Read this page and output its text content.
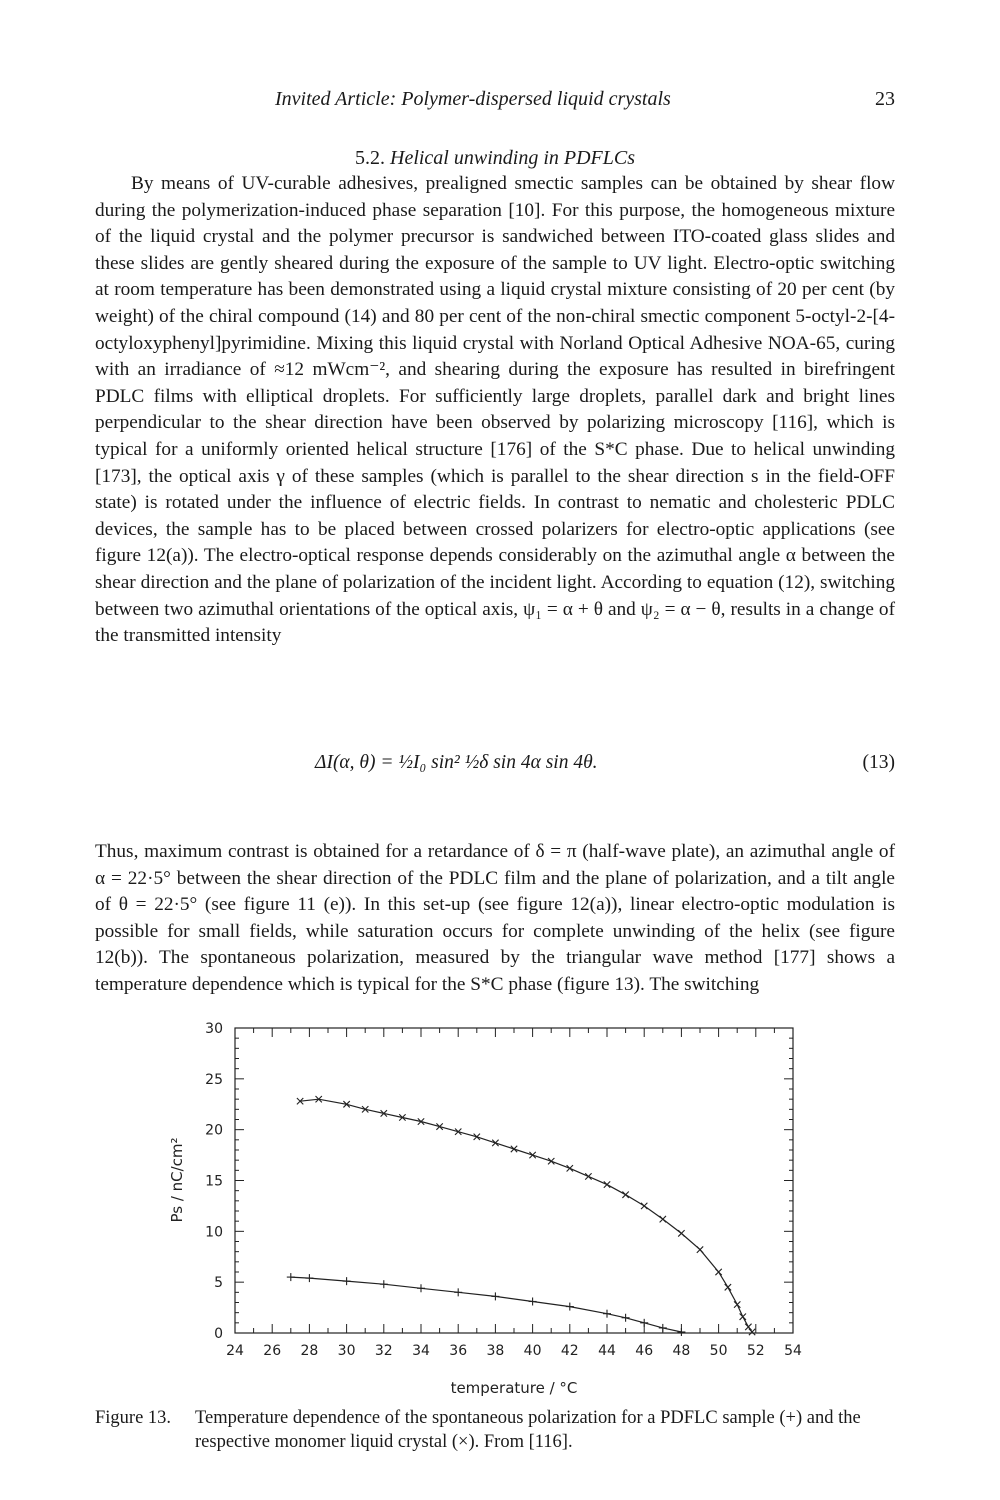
Invited Article: Polymer-dispersed liquid crystals	23
5.2. Helical unwinding in PDFLCs

By means of UV-curable adhesives, prealigned smectic samples can be obtained by shear flow during the polymerization-induced phase separation [10]. For this purpose, the homogeneous mixture of the liquid crystal and the polymer precursor is sandwiched between ITO-coated glass slides and these slides are gently sheared during the exposure of the sample to UV light. Electro-optic switching at room temperature has been demonstrated using a liquid crystal mixture consisting of 20 per cent (by weight) of the chiral compound (14) and 80 per cent of the non-chiral smectic component 5-octyl-2-[4-octyloxyphenyl]pyrimidine. Mixing this liquid crystal with Norland Optical Adhesive NOA-65, curing with an irradiance of ≈12 mWcm⁻², and shearing during the exposure has resulted in birefringent PDLC films with elliptical droplets. For sufficiently large droplets, parallel dark and bright lines perpendicular to the shear direction have been observed by polarizing microscopy [116], which is typical for a uniformly oriented helical structure [176] of the S*C phase. Due to helical unwinding [173], the optical axis γ of these samples (which is parallel to the shear direction s in the field-OFF state) is rotated under the influence of electric fields. In contrast to nematic and cholesteric PDLC devices, the sample has to be placed between crossed polarizers for electro-optic applications (see figure 12(a)). The electro-optical response depends considerably on the azimuthal angle α between the shear direction and the plane of polarization of the incident light. According to equation (12), switching between two azimuthal orientations of the optical axis, ψ₁ = α + θ and ψ₂ = α − θ, results in a change of the transmitted intensity

ΔI(α, θ) = ½I₀ sin² ½δ sin 4α sin 4θ.	(13)

Thus, maximum contrast is obtained for a retardance of δ = π (half-wave plate), an azimuthal angle of α = 22·5° between the shear direction of the PDLC film and the plane of polarization, and a tilt angle of θ = 22·5° (see figure 11 (e)). In this set-up (see figure 12(a)), linear electro-optic modulation is possible for small fields, while saturation occurs for complete unwinding of the helix (see figure 12(b)). The spontaneous polarization, measured by the triangular wave method [177] shows a temperature dependence which is typical for the S*C phase (figure 13). The switching

24 26 28 30 32 34 36 38 40 42 44 46 48 50 52 54
0
5
10
15
20
25
30
Ps / nC/cm²
temperature / °C
Figure 13. Temperature dependence of the spontaneous polarization for a PDFLC sample (+) and the respective monomer liquid crystal (×). From [116].
